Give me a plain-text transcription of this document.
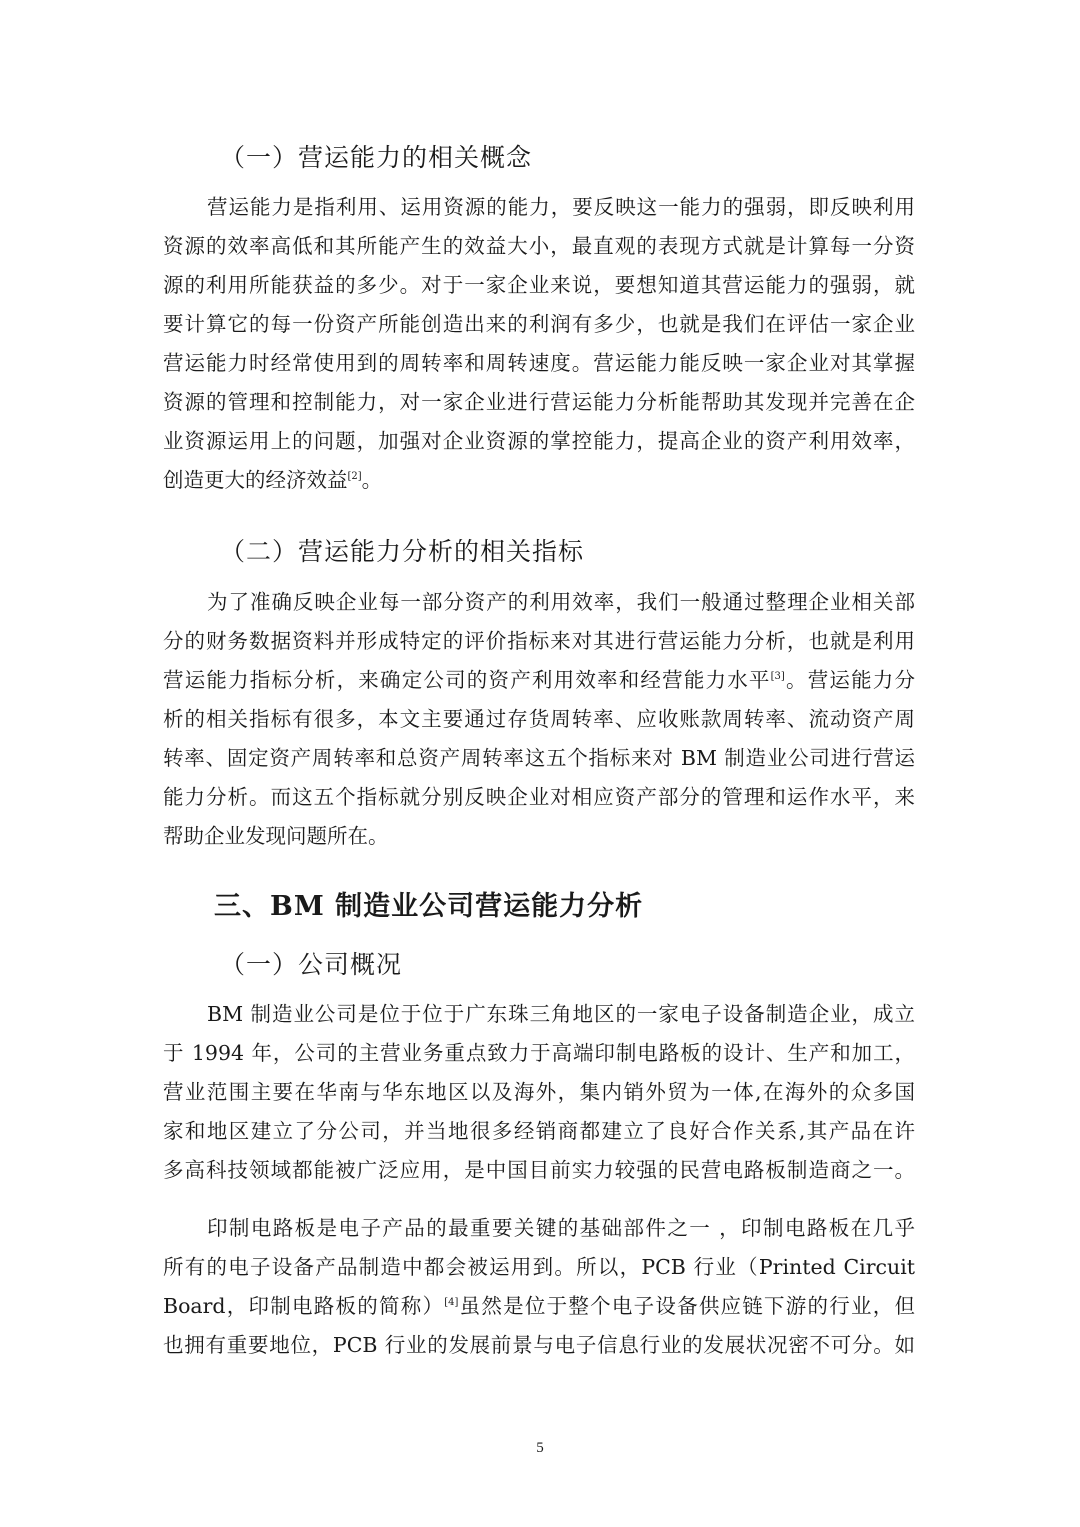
（一）营运能力的相关概念
营运能力是指利用、运用资源的能力，要反映这一能力的强弱，即反映利用
资源的效率高低和其所能产生的效益大小，最直观的表现方式就是计算每一分资
源的利用所能获益的多少。对于一家企业来说，要想知道其营运能力的强弱，就
要计算它的每一份资产所能创造出来的利润有多少，也就是我们在评估一家企业
营运能力时经常使用到的周转率和周转速度。营运能力能反映一家企业对其掌握
资源的管理和控制能力，对一家企业进行营运能力分析能帮助其发现并完善在企
业资源运用上的问题，加强对企业资源的掌控能力，提高企业的资产利用效率，
创造更大的经济效益[2]。
（二）营运能力分析的相关指标
为了准确反映企业每一部分资产的利用效率，我们一般通过整理企业相关部
分的财务数据资料并形成特定的评价指标来对其进行营运能力分析，也就是利用
营运能力指标分析，来确定公司的资产利用效率和经营能力水平[3]。营运能力分
析的相关指标有很多，本文主要通过存货周转率、应收账款周转率、流动资产周
转率、固定资产周转率和总资产周转率这五个指标来对 BM 制造业公司进行营运
能力分析。而这五个指标就分别反映企业对相应资产部分的管理和运作水平，来
帮助企业发现问题所在。
三、BM 制造业公司营运能力分析
（一）公司概况
BM 制造业公司是位于位于广东珠三角地区的一家电子设备制造企业，成立
于 1994 年，公司的主营业务重点致力于高端印制电路板的设计、生产和加工，
营业范围主要在华南与华东地区以及海外，集内销外贸为一体,在海外的众多国
家和地区建立了分公司，并当地很多经销商都建立了良好合作关系,其产品在许
多高科技领域都能被广泛应用，是中国目前实力较强的民营电路板制造商之一。
印制电路板是电子产品的最重要关键的基础部件之一 ，印制电路板在几乎
所有的电子设备产品制造中都会被运用到。所以，PCB 行业（Printed Circuit
Board，印制电路板的简称）[4]虽然是位于整个电子设备供应链下游的行业，但
也拥有重要地位，PCB 行业的发展前景与电子信息行业的发展状况密不可分。如
5
